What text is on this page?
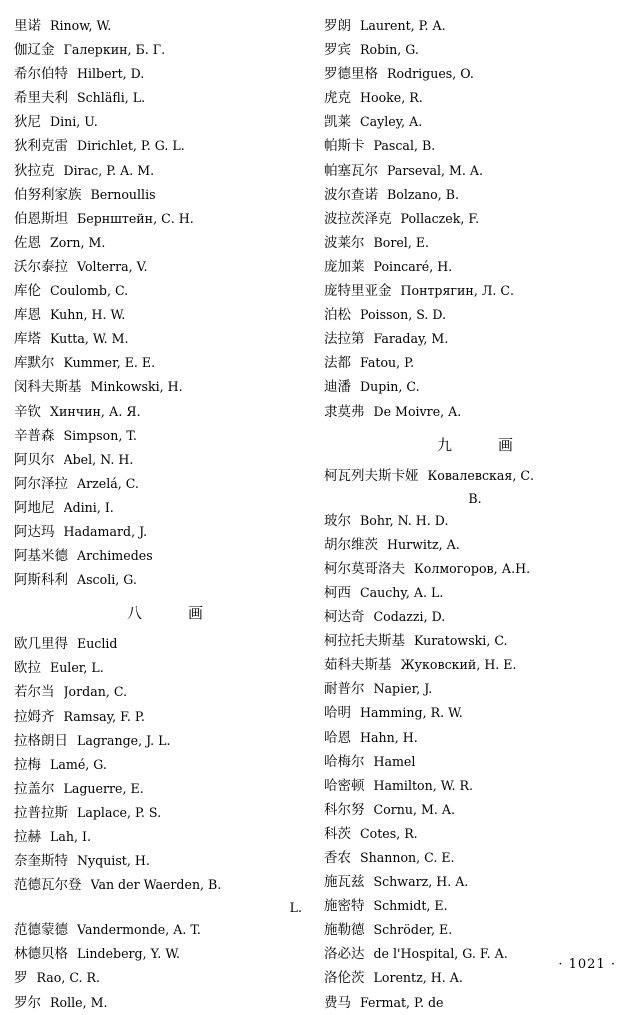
里诺 Rinow, W.
伽辽金 Галеркин, Б. Г.
希尔伯特 Hilbert, D.
希里夫利 Schläfli, L.
狄尼 Dini, U.
狄利克雷 Dirichlet, P. G. L.
狄拉克 Dirac, P. A. M.
伯努利家族 Bernoullis
伯恩斯坦 Бернштейн, С. Н.
佐恩 Zorn, M.
沃尔泰拉 Volterra, V.
库伦 Coulomb, C.
库恩 Kuhn, H. W.
库塔 Kutta, W. M.
库默尔 Kummer, E. E.
闵科夫斯基 Minkowski, H.
辛钦 Хинчин, А. Я.
辛普森 Simpson, T.
阿贝尔 Abel, N. H.
阿尔泽拉 Arzelá, C.
阿地尼 Adini, I.
阿达玛 Hadamard, J.
阿基米德 Archimedes
阿斯科利 Ascoli, G.
八	画
欧几里得 Euclid
欧拉 Euler, L.
若尔当 Jordan, C.
拉姆齐 Ramsay, F. P.
拉格朗日 Lagrange, J. L.
拉梅 Lamé, G.
拉盖尔 Laguerre, E.
拉普拉斯 Laplace, P. S.
拉赫 Lah, I.
奈奎斯特 Nyquist, H.
范德瓦尔登 Van der Waerden, B.
L.
范德蒙德 Vandermonde, A. T.
林德贝格 Lindeberg, Y. W.
罗 Rao, C. R.
罗尔 Rolle, M.
罗朗 Laurent, P. A.
罗宾 Robin, G.
罗德里格 Rodrigues, O.
虎克 Hooke, R.
凯莱 Cayley, A.
帕斯卡 Pascal, B.
帕塞瓦尔 Parseval, M. A.
波尔查诺 Bolzano, B.
波拉茨泽克 Pollaczek, F.
波莱尔 Borel, E.
庞加莱 Poincaré, H.
庞特里亚金 Понтрягин, Л. С.
泊松 Poisson, S. D.
法拉第 Faraday, M.
法都 Fatou, P.
迪潘 Dupin, C.
隶莫弗 De Moivre, A.
九	画
柯瓦列夫斯卡娅 Ковалевская, С.
B.
玻尔 Bohr, N. H. D.
胡尔维茨 Hurwitz, A.
柯尔莫哥洛夫 Колмогоров, А.Н.
柯西 Cauchy, A. L.
柯达奇 Codazzi, D.
柯拉托夫斯基 Kuratowski, C.
茹科夫斯基 Жуковский, Н. Е.
耐普尔 Napier, J.
哈明 Hamming, R. W.
哈恩 Hahn, H.
哈梅尔 Hamel
哈密顿 Hamilton, W. R.
科尔努 Cornu, M. A.
科茨 Cotes, R.
香农 Shannon, C. E.
施瓦兹 Schwarz, H. A.
施密特 Schmidt, E.
施勒德 Schröder, E.
洛必达 de l'Hospital, G. F. A.
洛伦茨 Lorentz, H. A.
费马 Fermat, P. de
· 1021 ·
